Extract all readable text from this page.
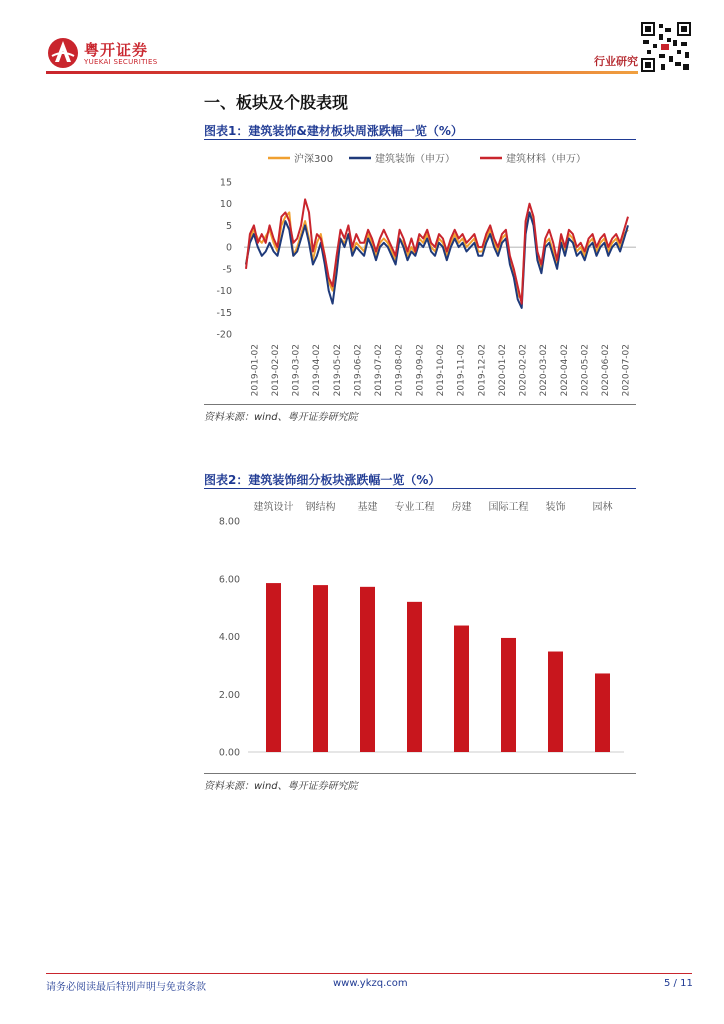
粤开证券
YUEKAI SECURITIES	行业研究
一、板块及个股表现
图表1：建筑装饰&建材板块周涨跌幅一览（%）
沪深300	建筑装饰（申万）	建筑材料（申万）
15
10
5
0
-5
-10
-15
-20
2019-01-02 2019-02-02 2019-03-02 2019-04-02 2019-05-02 2019-06-02 2019-07-02 2019-08-02 2019-09-02 2019-10-02 2019-11-02 2019-12-02 2020-01-02 2020-02-02 2020-03-02 2020-04-02 2020-05-02 2020-06-02 2020-07-02
资料来源：wind、粤开证券研究院
图表2：建筑装饰细分板块涨跌幅一览（%）
建筑设计 钢结构 基建 专业工程 房建 国际工程 装饰	园林
0.00
2.00
4.00
6.00
8.00
资料来源：wind、粤开证券研究院
请务必阅读最后特别声明与免责条款	www.ykzq.com	5 / 11
